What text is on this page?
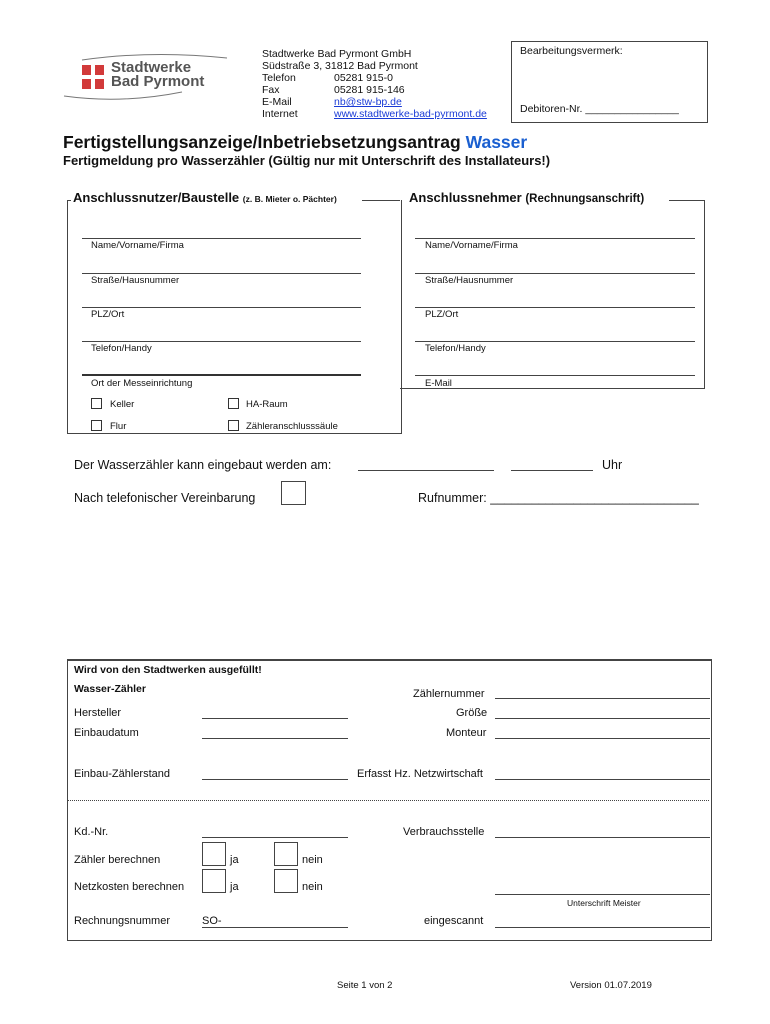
Stadtwerke
Bad Pyrmont
Stadtwerke Bad Pyrmont GmbH
Südstraße 3, 31812 Bad Pyrmont
Telefon	05281 915-0
Fax	05281 915-146
E-Mail	nb@stw-bp.de
Internet	www.stadtwerke-bad-pyrmont.de
Bearbeitungsvermerk:
Debitoren-Nr. ________________
Fertigstellungsanzeige/Inbetriebsetzungsantrag Wasser
Fertigmeldung pro Wasserzähler (Gültig nur mit Unterschrift des Installateurs!)
Anschlussnutzer/Baustelle (z. B. Mieter o. Pächter)
Name/Vorname/Firma
Straße/Hausnummer
PLZ/Ort
Telefon/Handy
Ort der Messeinrichtung
Keller	HA-Raum
Flur	Zähleranschlusssäule
Anschlussnehmer (Rechnungsanschrift)
Name/Vorname/Firma
Straße/Hausnummer
PLZ/Ort
Telefon/Handy
E-Mail
Der Wasserzähler kann eingebaut werden am:	Uhr
Nach telefonischer Vereinbarung	Rufnummer: ______________________________
Wird von den Stadtwerken ausgefüllt!
Wasser-Zähler	Zählernummer
Hersteller	Größe
Einbaudatum	Monteur
Einbau-Zählerstand	Erfasst Hz. Netzwirtschaft
Kd.-Nr.	Verbrauchsstelle
Zähler berechnen	ja	nein
Netzkosten berechnen	ja	nein
Unterschrift Meister
Rechnungsnummer	SO-	eingescannt
Seite 1 von 2	Version 01.07.2019
